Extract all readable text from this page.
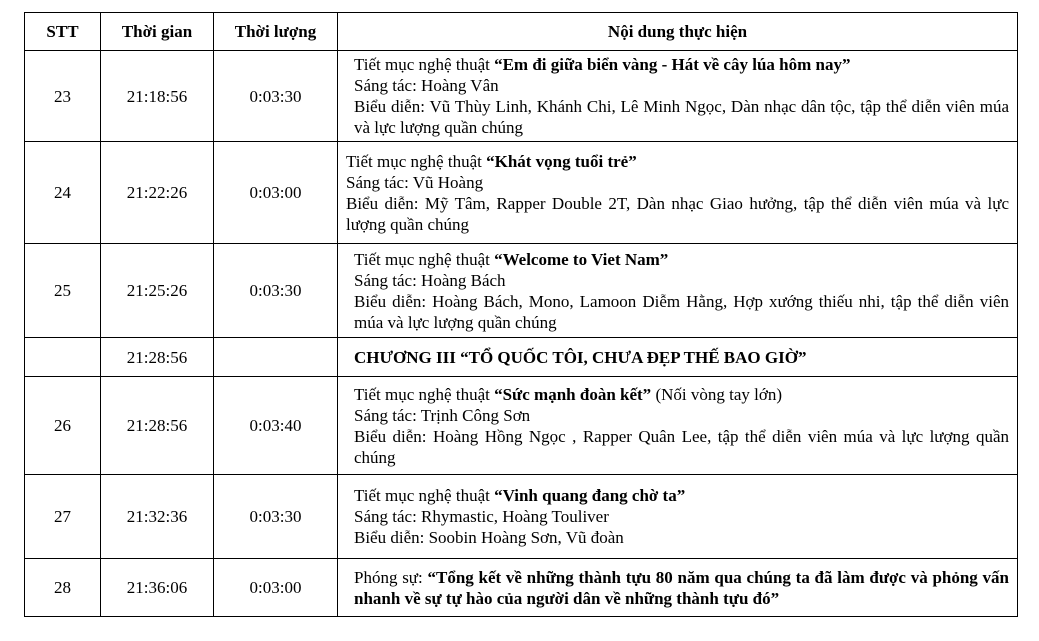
STT	Thời gian	Thời lượng	Nội dung thực hiện
23	21:18:56	0:03:30	Tiết mục nghệ thuật “Em đi giữa biển vàng - Hát về cây lúa hôm nay”
Sáng tác: Hoàng Vân
Biểu diễn: Vũ Thùy Linh, Khánh Chi, Lê Minh Ngọc, Dàn nhạc dân tộc, tập thể diễn viên múa và lực lượng quần chúng

24	21:22:26	0:03:00	Tiết mục nghệ thuật “Khát vọng tuổi trẻ”
Sáng tác: Vũ Hoàng
Biểu diễn: Mỹ Tâm, Rapper Double 2T, Dàn nhạc Giao hưởng, tập thể diễn viên múa và lực lượng quần chúng

25	21:25:26	0:03:30	Tiết mục nghệ thuật “Welcome to Viet Nam”
Sáng tác: Hoàng Bách
Biểu diễn: Hoàng Bách, Mono, Lamoon Diễm Hằng, Hợp xướng thiếu nhi, tập thể diễn viên múa và lực lượng quần chúng

	21:28:56		CHƯƠNG III “TỔ QUỐC TÔI, CHƯA ĐẸP THẾ BAO GIỜ”
26	21:28:56	0:03:40	Tiết mục nghệ thuật “Sức mạnh đoàn kết” (Nối vòng tay lớn)
Sáng tác: Trịnh Công Sơn
Biểu diễn: Hoàng Hồng Ngọc , Rapper Quân Lee, tập thể diễn viên múa và lực lượng quần chúng

27	21:32:36	0:03:30	Tiết mục nghệ thuật “Vinh quang đang chờ ta”
Sáng tác: Rhymastic, Hoàng Touliver
Biểu diễn: Soobin Hoàng Sơn, Vũ đoàn

28	21:36:06	0:03:00	Phóng sự: “Tổng kết về những thành tựu 80 năm qua chúng ta đã làm được và phỏng vấn nhanh về sự tự hào của người dân về những thành tựu đó”
